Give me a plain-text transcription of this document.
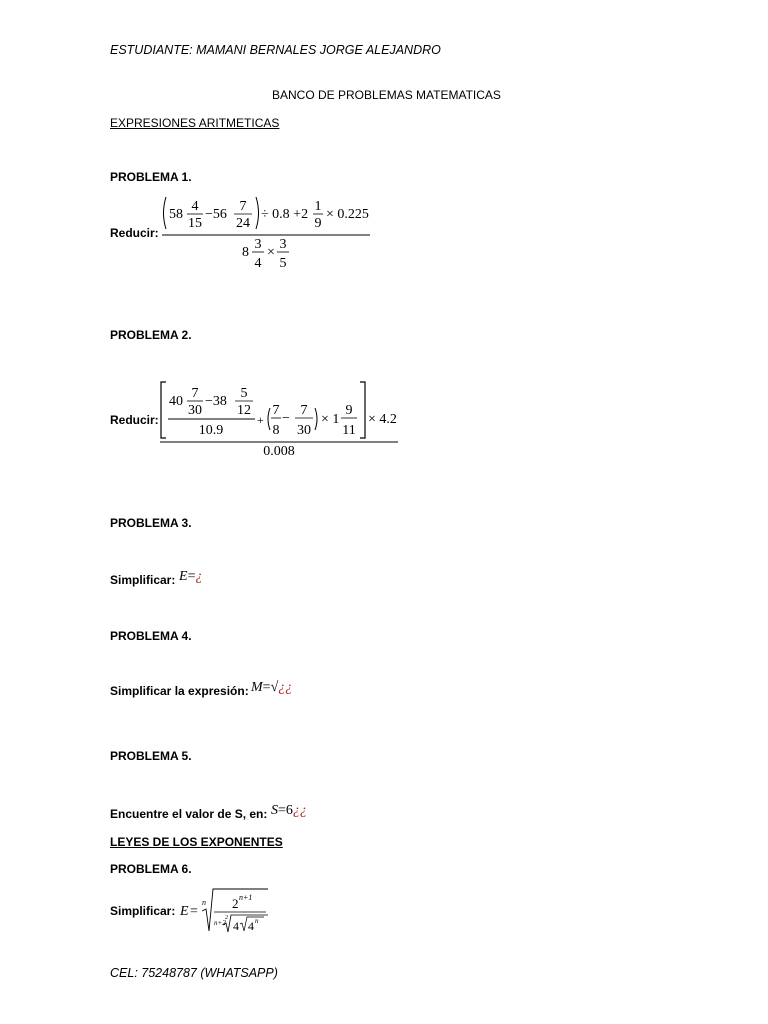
ESTUDIANTE: MAMANI BERNALES JORGE ALEJANDRO
BANCO DE PROBLEMAS MATEMATICAS
EXPRESIONES ARITMETICAS
PROBLEMA 1.
Reducir:
58
4
15
−56
7
24
÷ 0.8 +2
1
9
× 0.225
8
3
4
×
3
5
PROBLEMA 2.
Reducir:
40
7
30
−38
5
12
10.9
+
7
8
−
7
30
× 1
9
11
× 4.2
0.008
PROBLEMA 3.
Simplificar: E=¿
PROBLEMA 4.
Simplificar la expresión: M=√¿¿
PROBLEMA 5.
Encuentre el valor de S, en: S=6¿¿
LEYES DE LOS EXPONENTES
PROBLEMA 6.
Simplificar: E =
n 2 n+1
n+2
2
4 4 n
CEL: 75248787 (WHATSAPP)
